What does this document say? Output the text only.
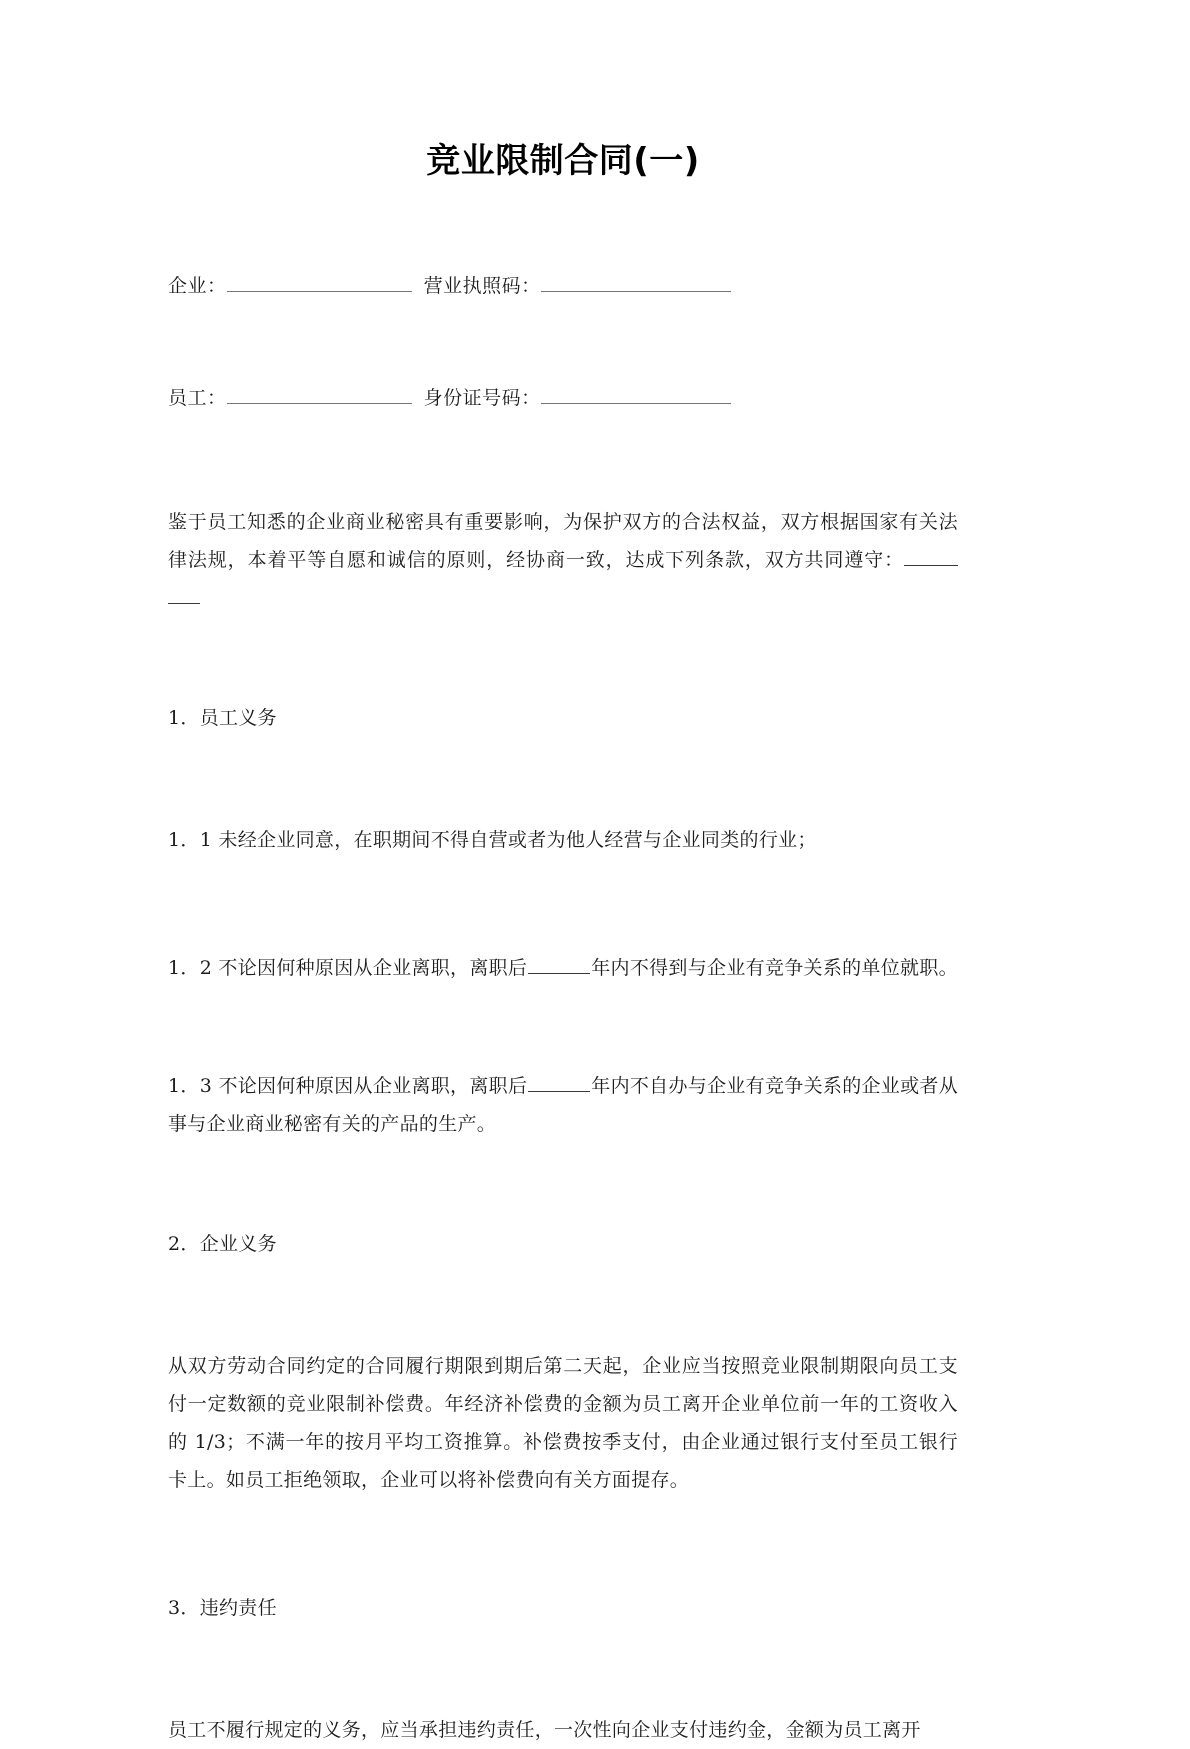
竞业限制合同(一)
企业：	营业执照码：
员工：	身份证号码：

鉴于员工知悉的企业商业秘密具有重要影响，为保护双方的合法权益，双方根据国家有关法律法规，本着平等自愿和诚信的原则，经协商一致，达成下列条款，双方共同遵守：

1．员工义务

1．1 未经企业同意，在职期间不得自营或者为他人经营与企业同类的行业；

1．2 不论因何种原因从企业离职，离职后	年内不得到与企业有竞争关系的单位就职。

1．3 不论因何种原因从企业离职，离职后	年内不自办与企业有竞争关系的企业或者从事与企业商业秘密有关的产品的生产。

2．企业义务

从双方劳动合同约定的合同履行期限到期后第二天起，企业应当按照竞业限制期限向员工支付一定数额的竞业限制补偿费。年经济补偿费的金额为员工离开企业单位前一年的工资收入的 1/3；不满一年的按月平均工资推算。补偿费按季支付，由企业通过银行支付至员工银行卡上。如员工拒绝领取，企业可以将补偿费向有关方面提存。

3．违约责任

员工不履行规定的义务，应当承担违约责任，一次性向企业支付违约金，金额为员工离开
